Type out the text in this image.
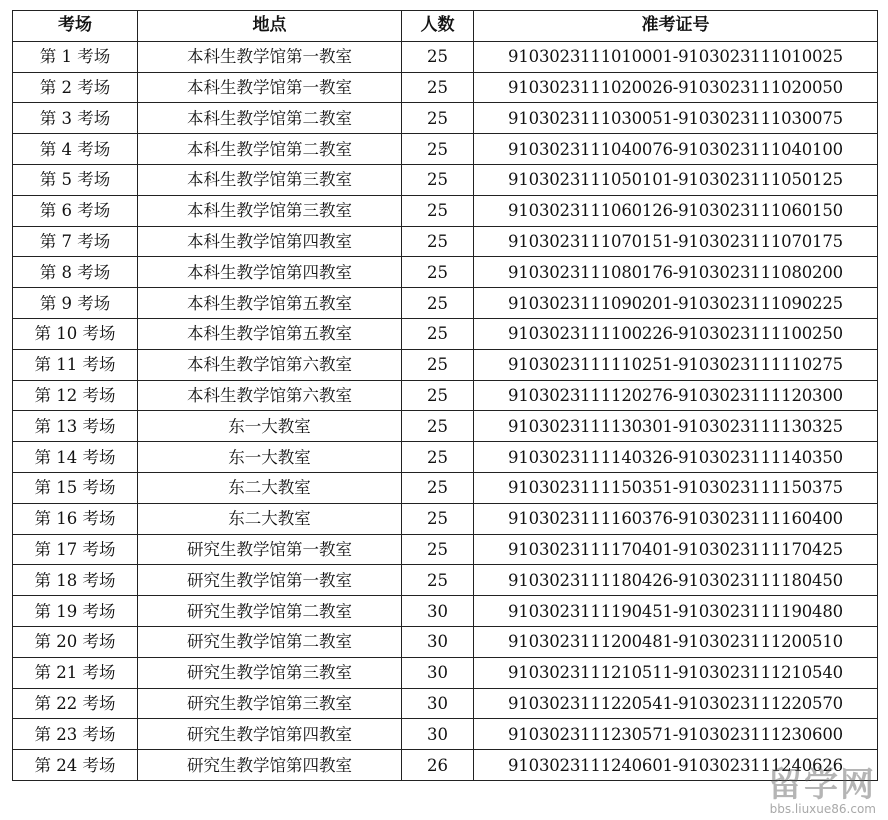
考场	地点	人数	准考证号
第 1 考场	本科生教学馆第一教室	25	9103023111010001-9103023111010025
第 2 考场	本科生教学馆第一教室	25	9103023111020026-9103023111020050
第 3 考场	本科生教学馆第二教室	25	9103023111030051-9103023111030075
第 4 考场	本科生教学馆第二教室	25	9103023111040076-9103023111040100
第 5 考场	本科生教学馆第三教室	25	9103023111050101-9103023111050125
第 6 考场	本科生教学馆第三教室	25	9103023111060126-9103023111060150
第 7 考场	本科生教学馆第四教室	25	9103023111070151-9103023111070175
第 8 考场	本科生教学馆第四教室	25	9103023111080176-9103023111080200
第 9 考场	本科生教学馆第五教室	25	9103023111090201-9103023111090225
第 10 考场	本科生教学馆第五教室	25	9103023111100226-9103023111100250
第 11 考场	本科生教学馆第六教室	25	9103023111110251-9103023111110275
第 12 考场	本科生教学馆第六教室	25	9103023111120276-9103023111120300
第 13 考场	东一大教室	25	9103023111130301-9103023111130325
第 14 考场	东一大教室	25	9103023111140326-9103023111140350
第 15 考场	东二大教室	25	9103023111150351-9103023111150375
第 16 考场	东二大教室	25	9103023111160376-9103023111160400
第 17 考场	研究生教学馆第一教室	25	9103023111170401-9103023111170425
第 18 考场	研究生教学馆第一教室	25	9103023111180426-9103023111180450
第 19 考场	研究生教学馆第二教室	30	9103023111190451-9103023111190480
第 20 考场	研究生教学馆第二教室	30	9103023111200481-9103023111200510
第 21 考场	研究生教学馆第三教室	30	9103023111210511-9103023111210540
第 22 考场	研究生教学馆第三教室	30	9103023111220541-9103023111220570
第 23 考场	研究生教学馆第四教室	30	9103023111230571-9103023111230600
第 24 考场	研究生教学馆第四教室	26	9103023111240601-9103023111240626
留学网
bbs.liuxue86.com
